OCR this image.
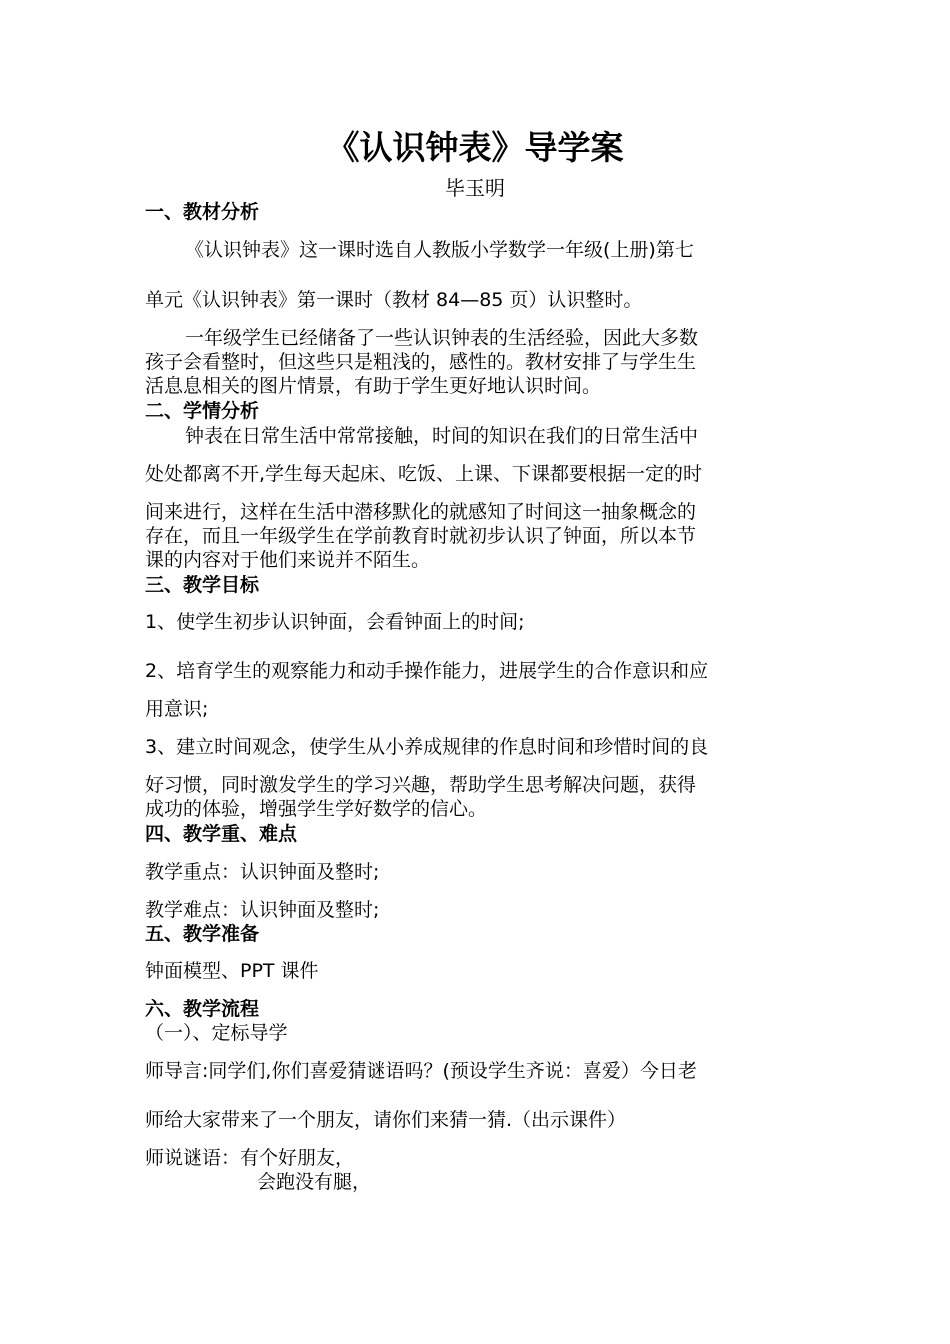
《认识钟表》导学案
毕玉明
一、教材分析
《认识钟表》这一课时选自人教版小学数学一年级(上册)第七
单元《认识钟表》第一课时（教材 84—85 页）认识整时。
一年级学生已经储备了一些认识钟表的生活经验，因此大多数
孩子会看整时，但这些只是粗浅的，感性的。教材安排了与学生生
活息息相关的图片情景，有助于学生更好地认识时间。
二、学情分析
钟表在日常生活中常常接触，时间的知识在我们的日常生活中
处处都离不开,学生每天起床、吃饭、上课、下课都要根据一定的时
间来进行，这样在生活中潜移默化的就感知了时间这一抽象概念的
存在，而且一年级学生在学前教育时就初步认识了钟面，所以本节
课的内容对于他们来说并不陌生。
三、教学目标
1、使学生初步认识钟面，会看钟面上的时间;
2、培育学生的观察能力和动手操作能力，进展学生的合作意识和应
用意识;
3、建立时间观念，使学生从小养成规律的作息时间和珍惜时间的良
好习惯，同时激发学生的学习兴趣，帮助学生思考解决问题，获得
成功的体验，增强学生学好数学的信心。
四、教学重、难点
教学重点：认识钟面及整时;
教学难点：认识钟面及整时;
五、教学准备
钟面模型、PPT 课件
六、教学流程
（一）、定标导学
师导言:同学们,你们喜爱猜谜语吗？(预设学生齐说：喜爱）今日老
师给大家带来了一个朋友，请你们来猜一猜.（出示课件）
师说谜语：有个好朋友，
会跑没有腿，
